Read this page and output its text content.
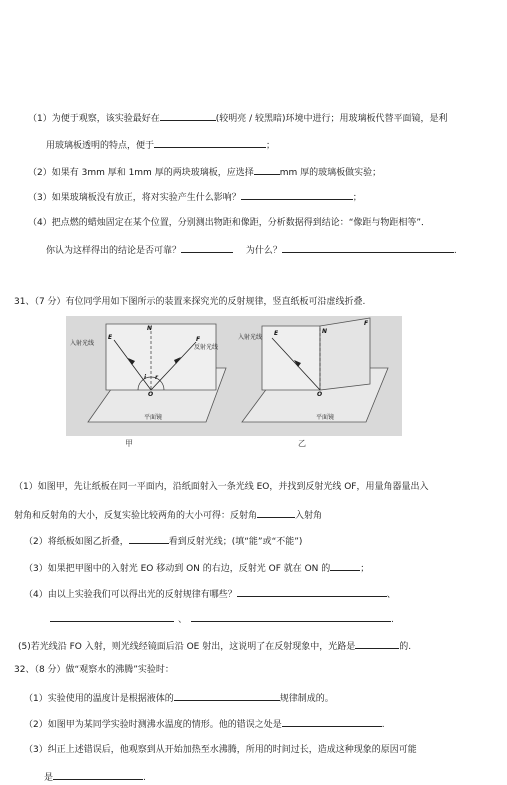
（1）为便于观察，该实验最好在	(较明亮 / 较黑暗)环境中进行；用玻璃板代替平面镜，是利
用玻璃板透明的特点，便于	；
（2）如果有 3mm 厚和 1mm 厚的两块玻璃板，应选择	mm 厚的玻璃板做实验；
（3）如果玻璃板没有放正，将对实验产生什么影响？	；
（4）把点燃的蜡烛固定在某个位置，分别测出物距和像距，分析数据得到结论：“像距与物距相等”．
你认为这样得出的结论是否可靠？	为什么？	.
31、（7 分）有位同学用如下图所示的装置来探究光的反射规律，竖直纸板可沿虚线折叠.
入射光线
反射光线
入射光线
平面镜	平面镜
E
N
F
i r
O
E	N
F
O
甲	乙
（1）如图甲，先让纸板在同一平面内，沿纸面射入一条光线 EO，并找到反射光线 OF，用量角器量出入
射角和反射角的大小，反复实验比较两角的大小可得：反射角	入射角
（2）将纸板如图乙折叠，	看到反射光线；(填“能”或“不能”)
（3）如果把甲图中的入射光 EO 移动到 ON 的右边，反射光 OF 就在 ON 的	；
（4）由以上实验我们可以得出光的反射规律有哪些？	、
、	.
(5)若光线沿 FO 入射，则光线经镜面后沿 OE 射出，这说明了在反射现象中，光路是	的.
32、（8 分）做“观察水的沸腾”实验时：
（1）实验使用的温度计是根据液体的	规律制成的。
（2）如图甲为某同学实验时测沸水温度的情形。他的错误之处是	.
（3）纠正上述错误后，他观察到从开始加热至水沸腾，所用的时间过长，造成这种现象的原因可能
是	.
